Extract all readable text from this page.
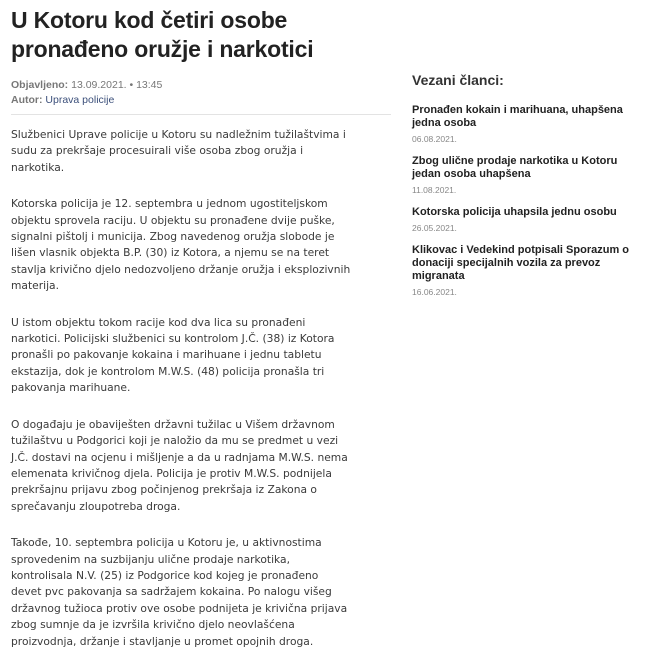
U Kotoru kod četiri osobe pronađeno oružje i narkotici
Objavljeno: 13.09.2021. • 13:45
Autor: Uprava policije

Službenici Uprave policije u Kotoru su nadležnim tužilaštvima i sudu za prekršaje procesuirali više osoba zbog oružja i narkotika.

Kotorska policija je 12. septembra u jednom ugostiteljskom objektu sprovela raciju. U objektu su pronađene dvije puške, signalni pištolj i municija. Zbog navedenog oružja slobode je lišen vlasnik objekta B.P. (30) iz Kotora, a njemu se na teret stavlja krivično djelo nedozvoljeno držanje oružja i eksplozivnih materija.

U istom objektu tokom racije kod dva lica su pronađeni narkotici. Policijski službenici su kontrolom J.Č. (38) iz Kotora pronašli po pakovanje kokaina i marihuane i jednu tabletu ekstazija, dok je kontrolom M.W.S. (48) policija pronašla tri pakovanja marihuane.

O događaju je obaviješten državni tužilac u Višem državnom tužilaštvu u Podgorici koji je naložio da mu se predmet u vezi J.Č. dostavi na ocjenu i mišljenje a da u radnjama M.W.S. nema elemenata krivičnog djela. Policija je protiv M.W.S. podnijela prekršajnu prijavu zbog počinjenog prekršaja iz Zakona o sprečavanju zloupotreba droga.

Takođe, 10. septembra policija u Kotoru je, u aktivnostima sprovedenim na suzbijanju ulične prodaje narkotika, kontrolisala N.V. (25) iz Podgorice kod kojeg je pronađeno devet pvc pakovanja sa sadržajem kokaina. Po nalogu višeg državnog tužioca protiv ove osobe podnijeta je krivična prijava zbog sumnje da je izvršila krivično djelo neovlašćena proizvodnja, držanje i stavljanje u promet opojnih droga.

Vezani članci:
Pronađen kokain i marihuana, uhapšena jedna osoba
06.08.2021.
Zbog ulične prodaje narkotika u Kotoru jedan osoba uhapšena
11.08.2021.
Kotorska policija uhapsila jednu osobu
26.05.2021.
Klikovac i Vedekind potpisali Sporazum o donaciji specijalnih vozila za prevoz migranata
16.06.2021.
